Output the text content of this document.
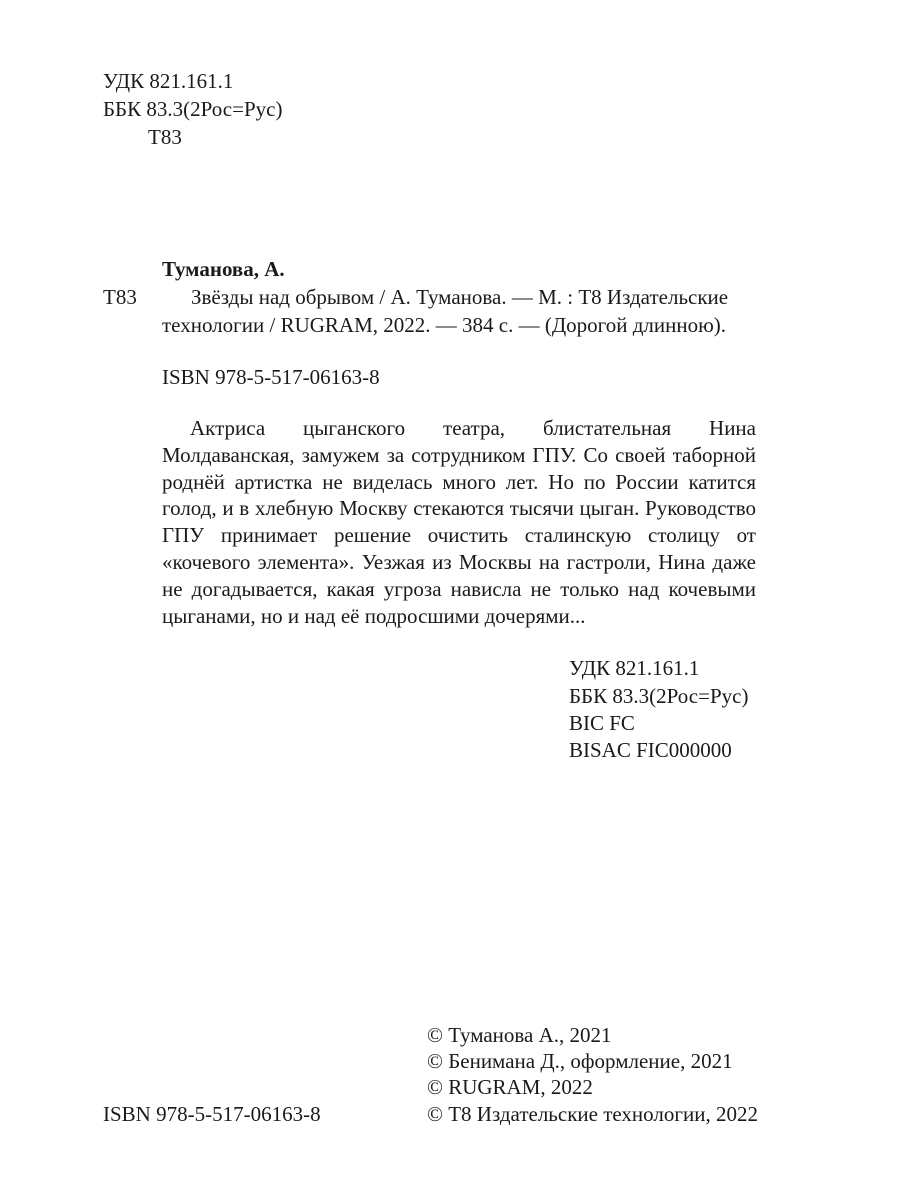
УДК 821.161.1
ББК 83.3(2Рос=Рус)
Т83
Туманова, А.
Т83	Звёзды над обрывом / А. Туманова. — М. : Т8 Издательские
технологии / RUGRAM, 2022. — 384 с. — (Дорогой длинною).
ISBN 978-5-517-06163-8

Актриса цыганского театра, блистательная Нина Молдаванская, замужем за сотрудником ГПУ. Со своей таборной роднёй артистка не виделась много лет. Но по России катится голод, и в хлебную Москву стекаются тысячи цыган. Руководство ГПУ принимает решение очистить сталинскую столицу от «кочевого элемента». Уезжая из Москвы на гастроли, Нина даже не догадывается, какая угроза нависла не только над кочевыми цыганами, но и над её подросшими дочерями...

УДК 821.161.1
ББК 83.3(2Рос=Рус)
BIC FC
BISAC FIC000000
ISBN 978-5-517-06163-8
© Туманова А., 2021
© Бенимана Д., оформление, 2021
© RUGRAM, 2022
© Т8 Издательские технологии, 2022
